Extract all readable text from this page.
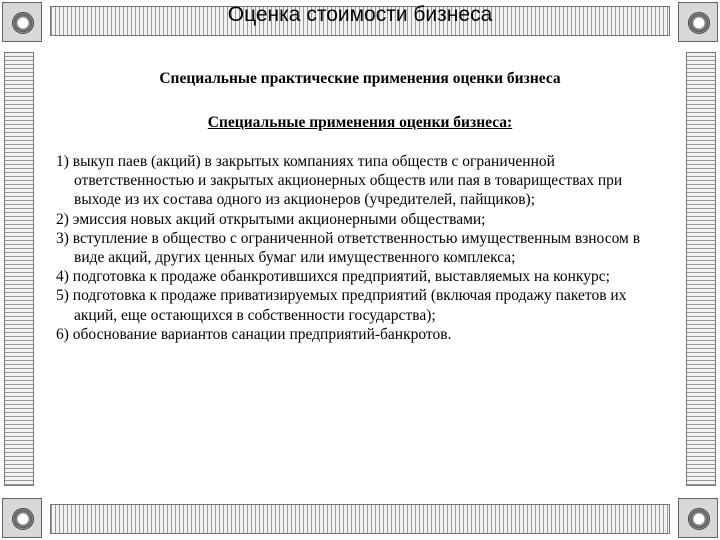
Оценка стоимости бизнеса
Специальные практические применения оценки бизнеса
Специальные применения оценки бизнеса:
1) выкуп паев (акций) в закрытых компаниях типа обществ с ограниченной ответственностью и закрытых акционерных обществ или пая в товариществах при выходе из их состава одного из акционеров (учредителей, пайщиков);
2) эмиссия новых акций открытыми акционерными обществами;
3) вступление в общество с ограниченной ответственностью имущественным взносом в виде акций, других ценных бумаг или имущественного комплекса;
4) подготовка к продаже обанкротившихся предприятий, выставляемых на конкурс;
5) подготовка к продаже приватизируемых предприятий (включая продажу пакетов их акций, еще остающихся в собственности государства);
6) обоснование вариантов санации предприятий-банкротов.
